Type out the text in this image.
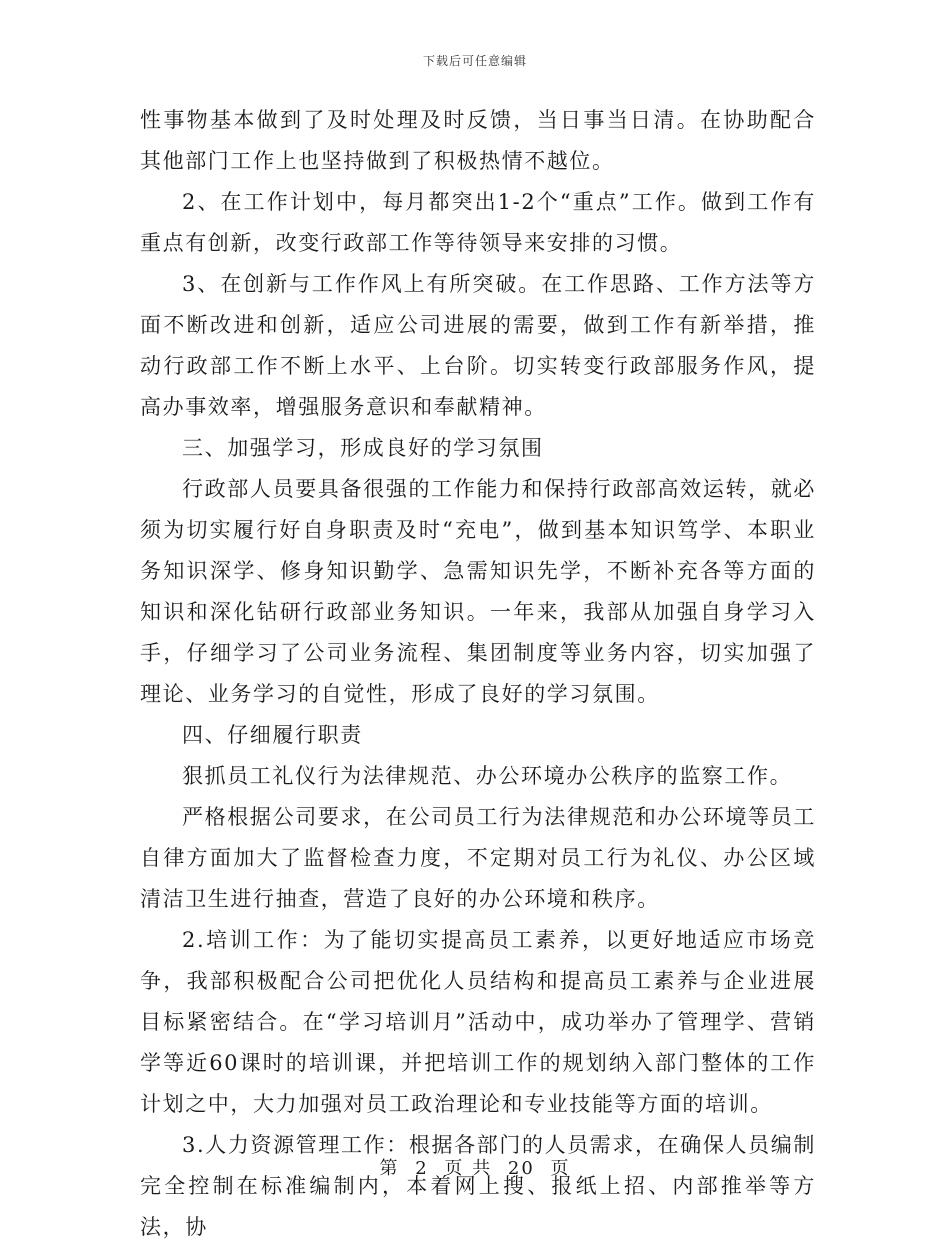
下载后可任意编辑

性事物基本做到了及时处理及时反馈，当日事当日清。在协助配合其他部门工作上也坚持做到了积极热情不越位。

2、在工作计划中，每月都突出1-2个“重点”工作。做到工作有重点有创新，改变行政部工作等待领导来安排的习惯。

3、在创新与工作作风上有所突破。在工作思路、工作方法等方面不断改进和创新，适应公司进展的需要，做到工作有新举措，推动行政部工作不断上水平、上台阶。切实转变行政部服务作风，提高办事效率，增强服务意识和奉献精神。

三、加强学习，形成良好的学习氛围

行政部人员要具备很强的工作能力和保持行政部高效运转，就必须为切实履行好自身职责及时“充电”，做到基本知识笃学、本职业务知识深学、修身知识勤学、急需知识先学，不断补充各等方面的知识和深化钻研行政部业务知识。一年来，我部从加强自身学习入手，仔细学习了公司业务流程、集团制度等业务内容，切实加强了理论、业务学习的自觉性，形成了良好的学习氛围。

四、仔细履行职责

狠抓员工礼仪行为法律规范、办公环境办公秩序的监察工作。

严格根据公司要求，在公司员工行为法律规范和办公环境等员工自律方面加大了监督检查力度，不定期对员工行为礼仪、办公区域清洁卫生进行抽查，营造了良好的办公环境和秩序。

2.培训工作：为了能切实提高员工素养，以更好地适应市场竞争，我部积极配合公司把优化人员结构和提高员工素养与企业进展目标紧密结合。在“学习培训月”活动中，成功举办了管理学、营销学等近60课时的培训课，并把培训工作的规划纳入部门整体的工作计划之中，大力加强对员工政治理论和专业技能等方面的培训。

3.人力资源管理工作：根据各部门的人员需求，在确保人员编制完全控制在标准编制内，本着网上搜、报纸上招、内部推举等方法，协

第 2 页 共 20 页
